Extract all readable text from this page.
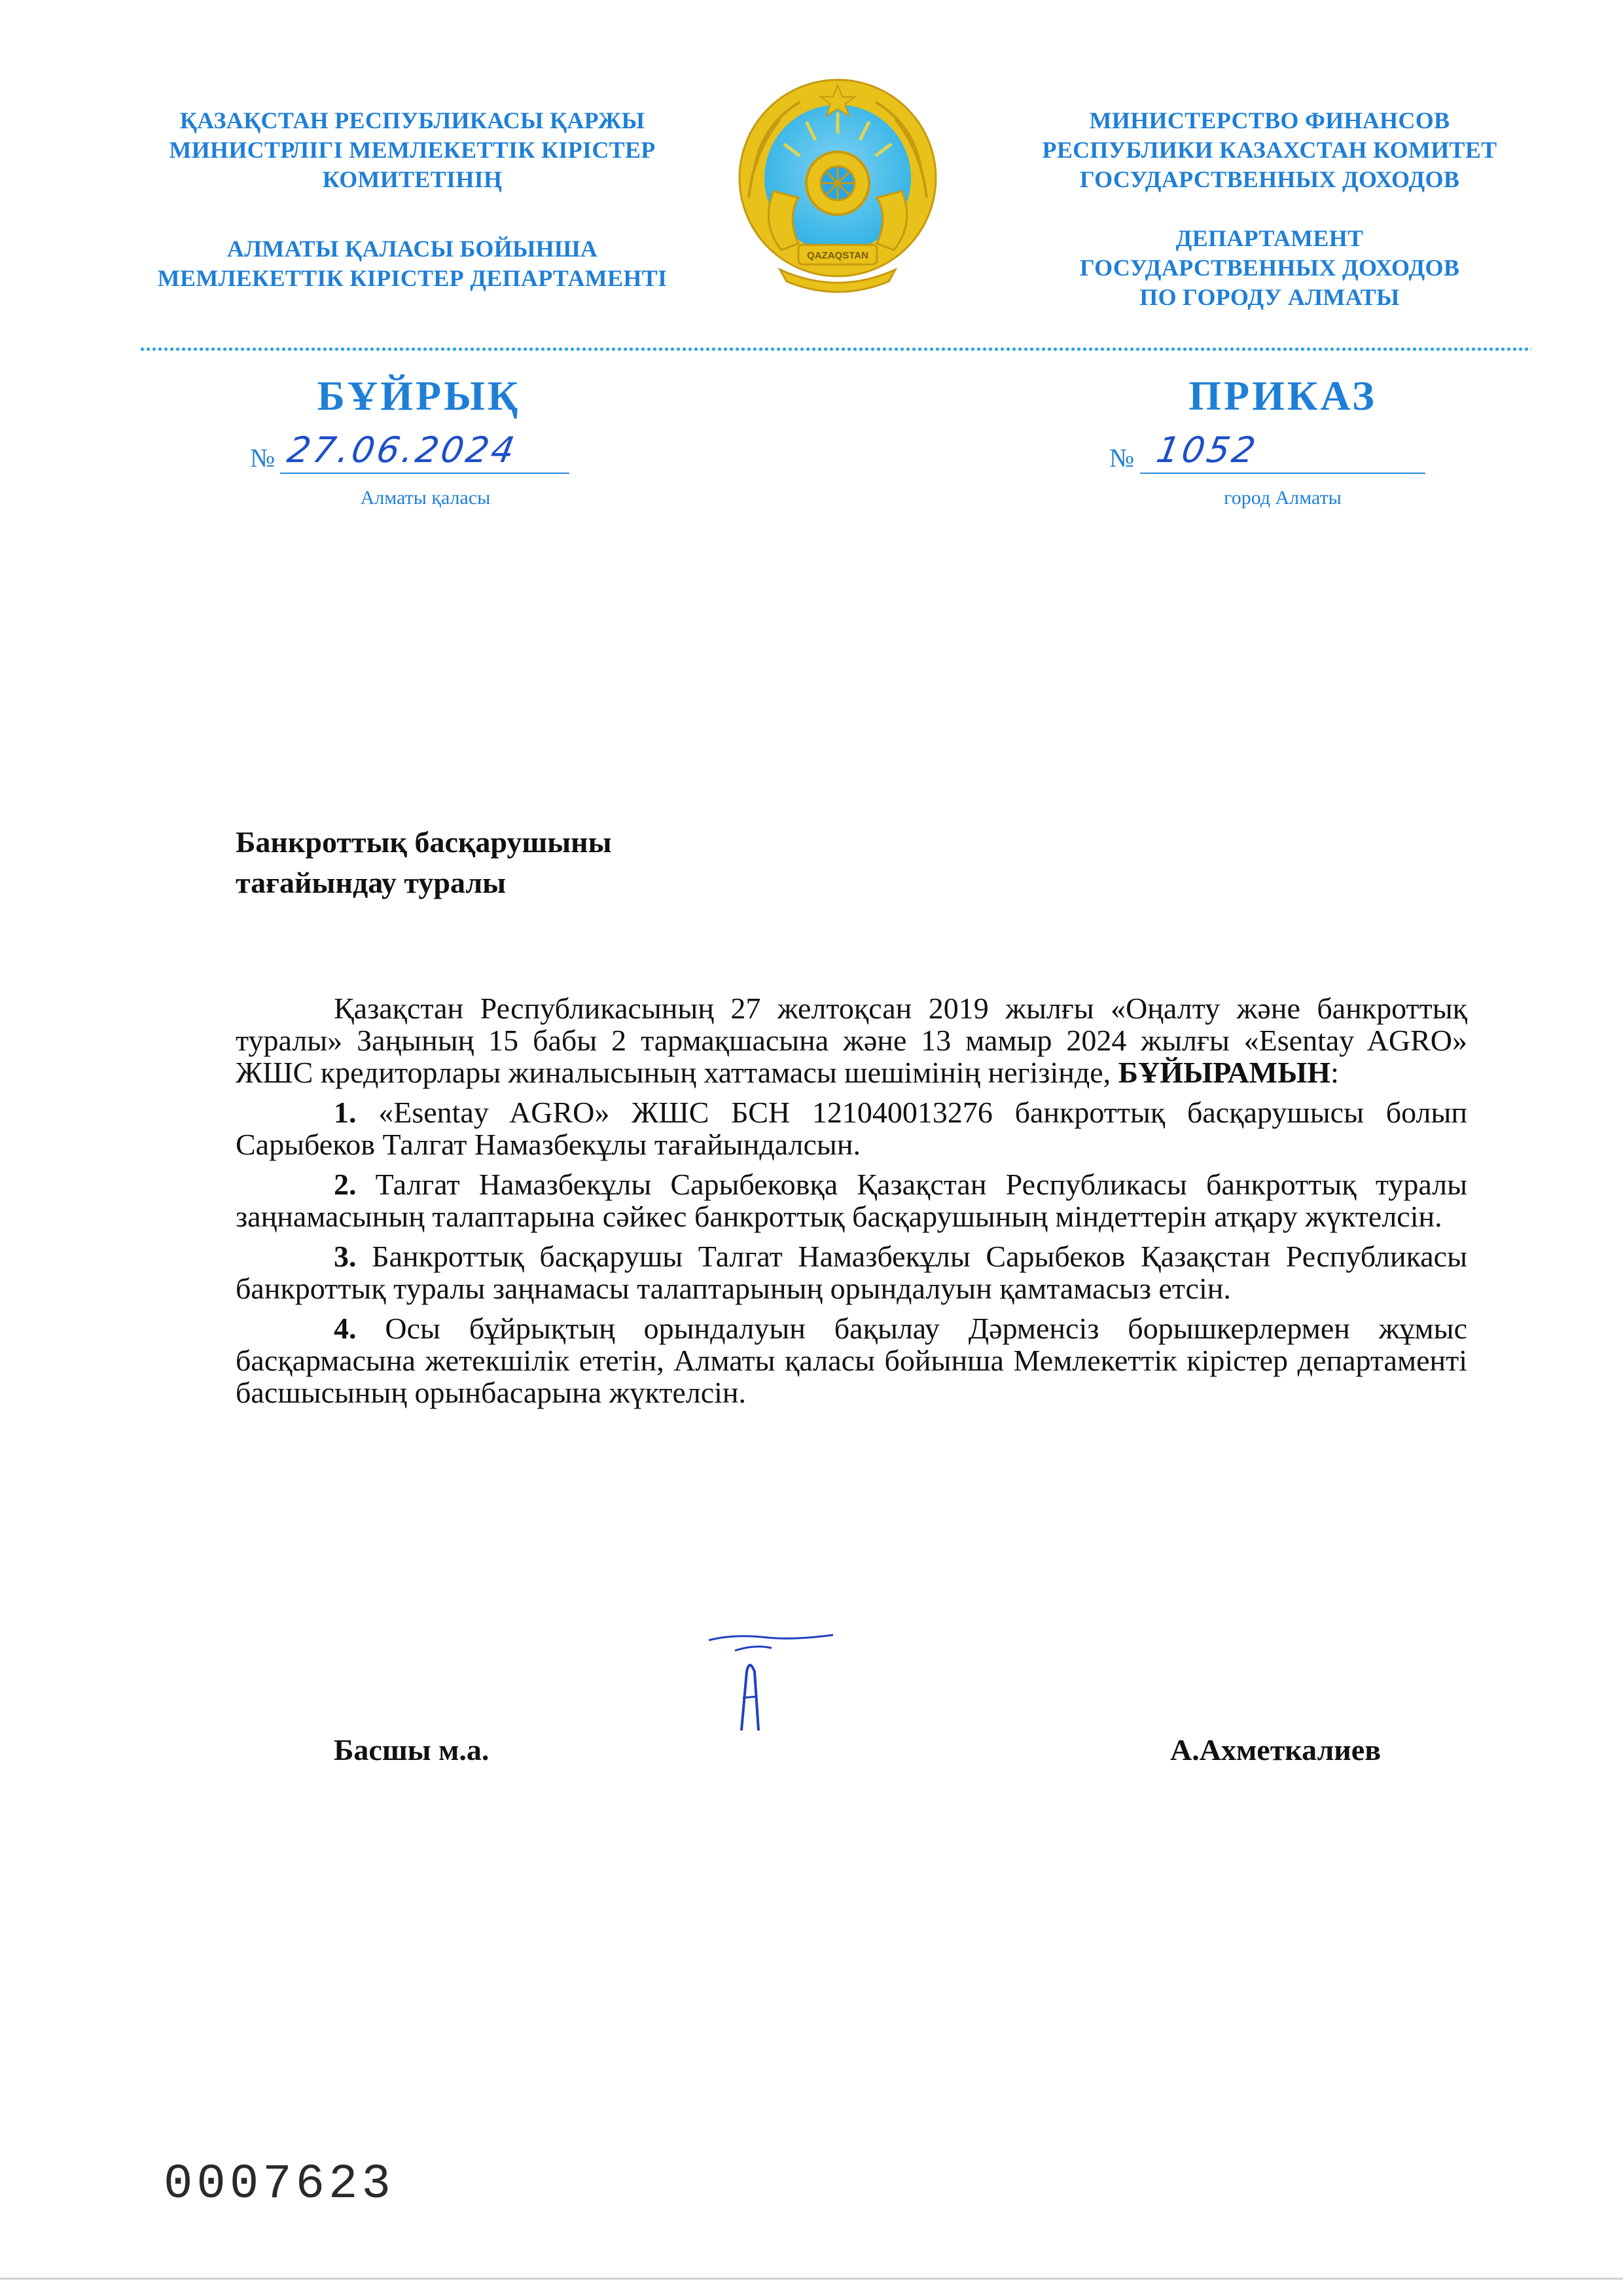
ҚАЗАҚСТАН РЕСПУБЛИКАСЫ ҚАРЖЫ
МИНИСТРЛІГІ МЕМЛЕКЕТТІК КІРІСТЕР
КОМИТЕТІНІҢ
АЛМАТЫ ҚАЛАСЫ БОЙЫНША
МЕМЛЕКЕТТІК КІРІСТЕР ДЕПАРТАМЕНТІ
QAZAQSTAN
МИНИСТЕРСТВО ФИНАНСОВ
РЕСПУБЛИКИ КАЗАХСТАН КОМИТЕТ
ГОСУДАРСТВЕННЫХ ДОХОДОВ
ДЕПАРТАМЕНТ
ГОСУДАРСТВЕННЫХ ДОХОДОВ
ПО ГОРОДУ АЛМАТЫ
БҰЙРЫҚ	ПРИКАЗ
№ 27.06.2024	№ 1052
Алматы қаласы	город Алматы
Банкроттық басқарушыны
тағайындау туралы

Қазақстан Республикасының 27 желтоқсан 2019 жылғы «Оңалту және банкроттық туралы» Заңының 15 бабы 2 тармақшасына және 13 мамыр 2024 жылғы «Esentay AGRO» ЖШС кредиторлары жиналысының хаттамасы шешімінің негізінде, БҰЙЫРАМЫН:

1. «Esentay AGRO» ЖШС БСН 121040013276 банкроттық басқарушысы болып Сарыбеков Талгат Намазбекұлы тағайындалсын.

2. Талгат Намазбекұлы Сарыбековқа Қазақстан Республикасы банкроттық туралы заңнамасының талаптарына сәйкес банкроттық басқарушының міндеттерін атқару жүктелсін.

3. Банкроттық басқарушы Талгат Намазбекұлы Сарыбеков Қазақстан Республикасы банкроттық туралы заңнамасы талаптарының орындалуын қамтамасыз етсін.

4. Осы бұйрықтың орындалуын бақылау Дәрменсіз борышкерлермен жұмыс басқармасына жетекшілік ететін, Алматы қаласы бойынша Мемлекеттік кірістер департаменті басшысының орынбасарына жүктелсін.

Басшы м.а.	А.Ахметкалиев
0007623
